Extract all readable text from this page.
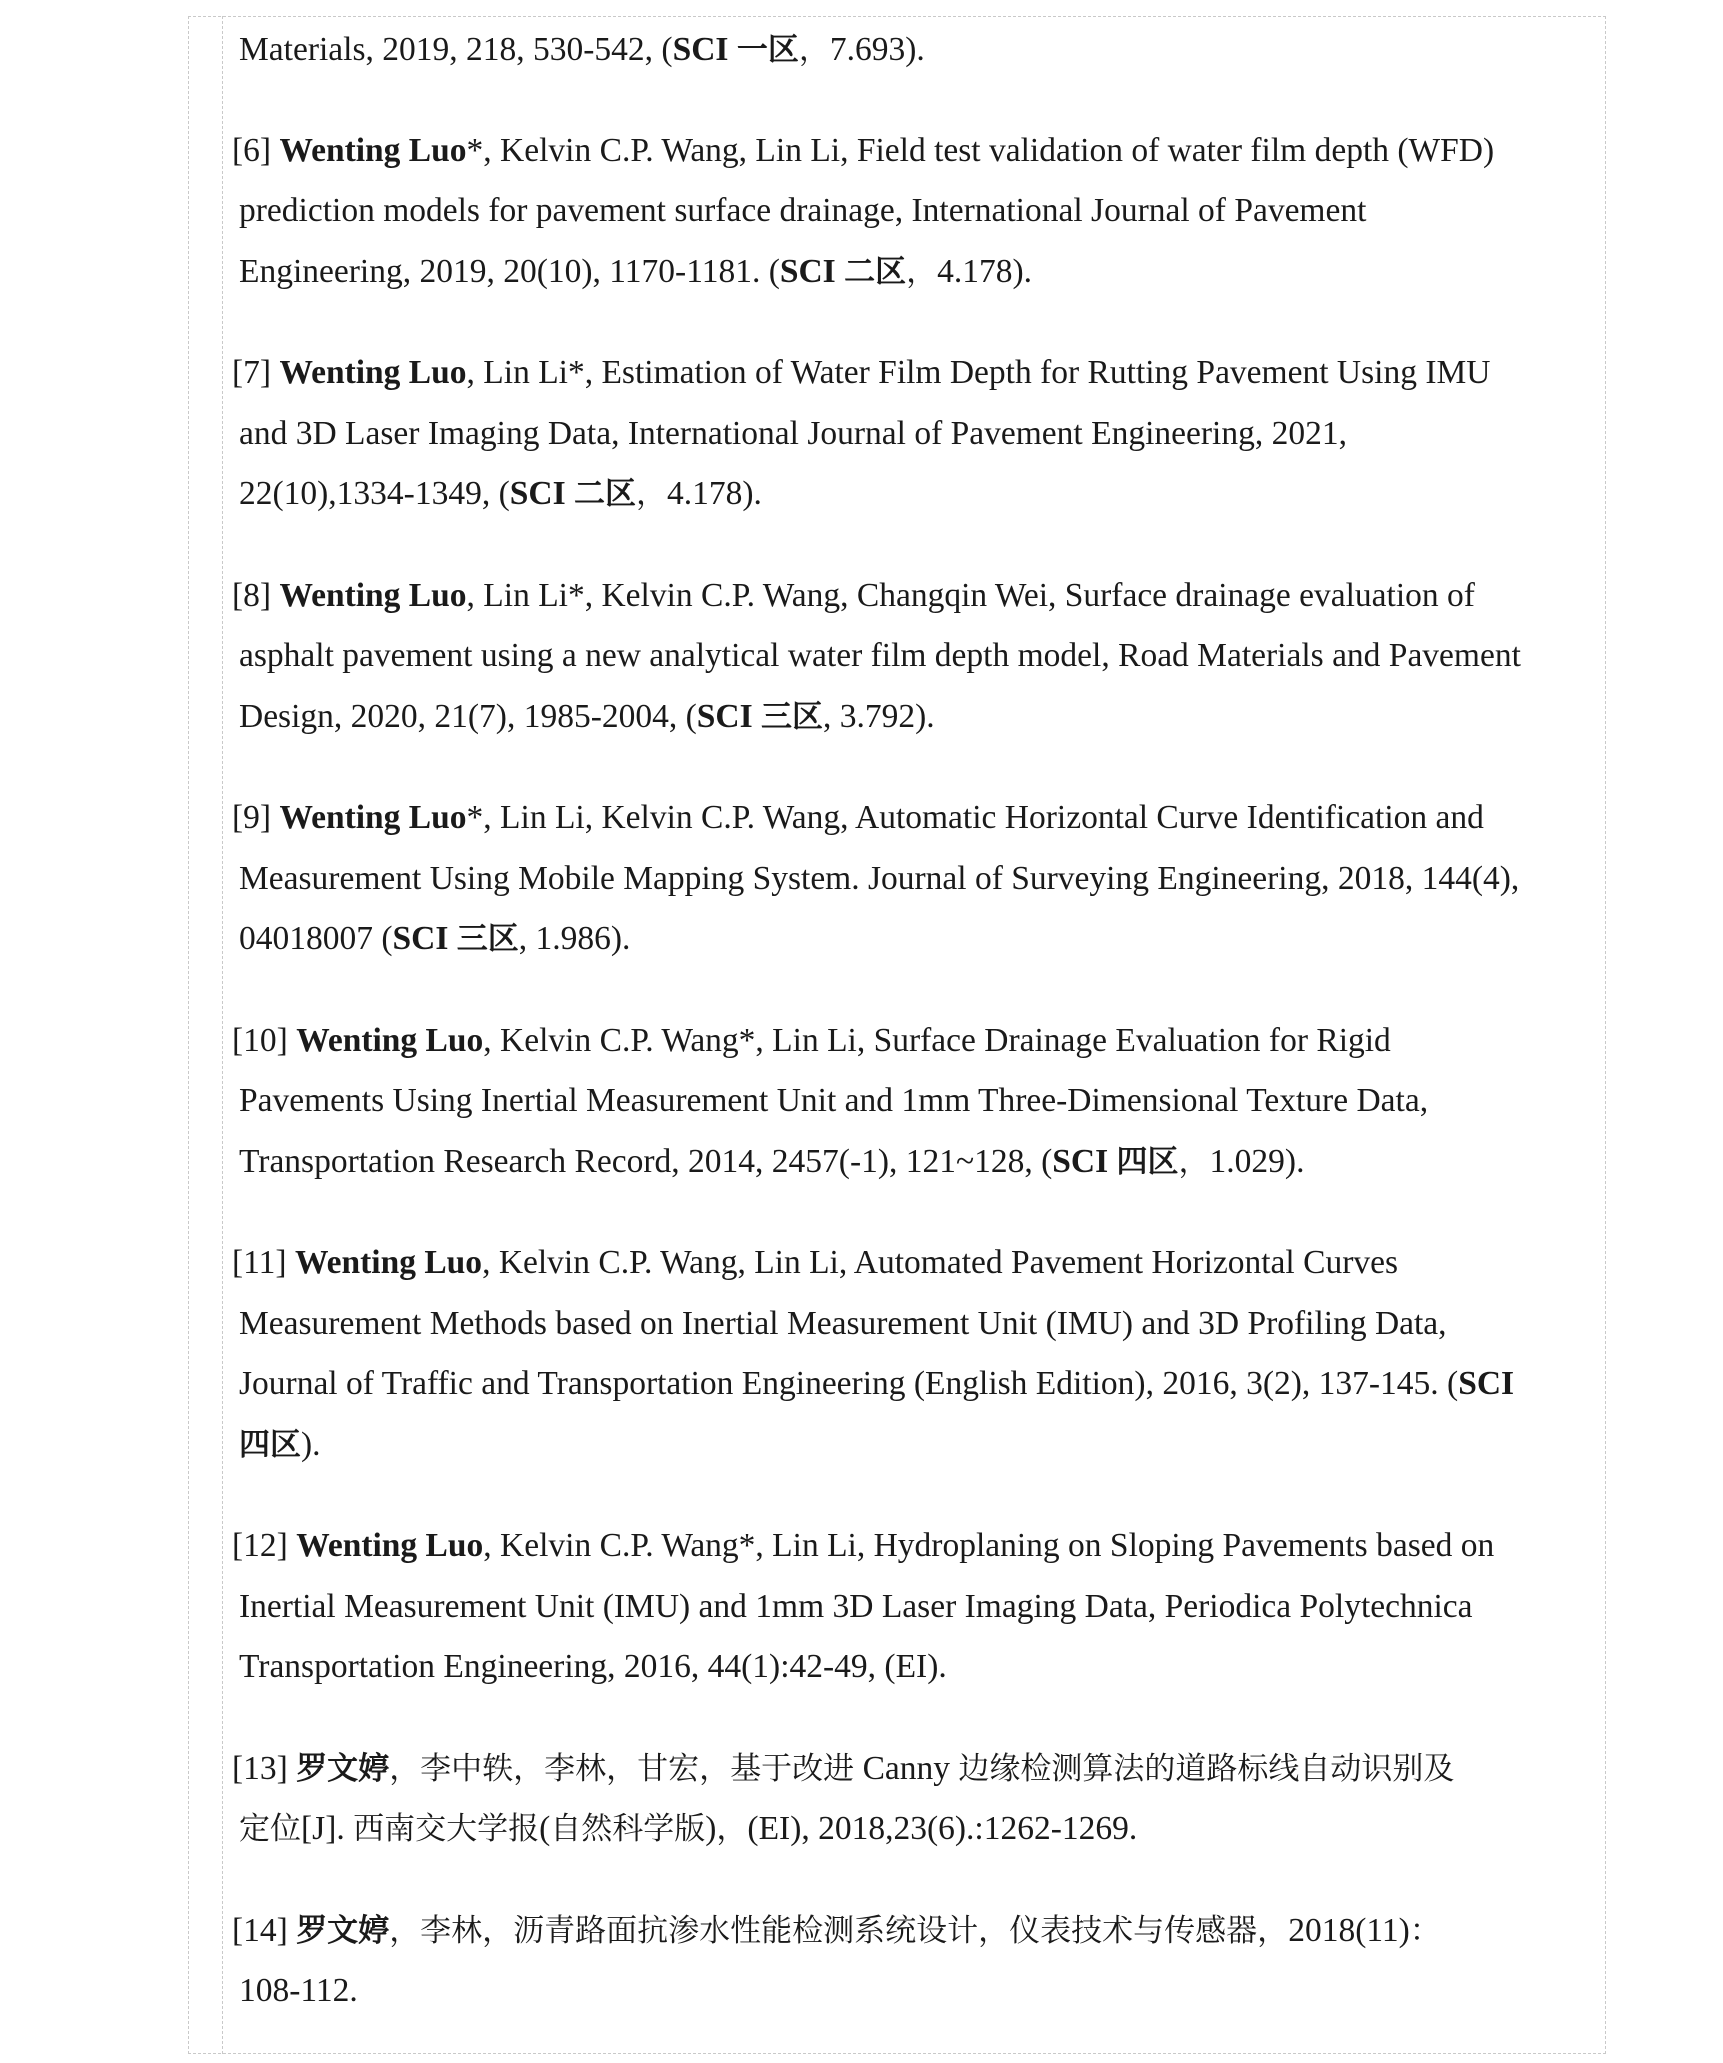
Materials, 2019, 218, 530-542, (SCI 一区，7.693).
[6] Wenting Luo*, Kelvin C.P. Wang, Lin Li, Field test validation of water film depth (WFD)
prediction models for pavement surface drainage, International Journal of Pavement
Engineering, 2019, 20(10), 1170-1181. (SCI 二区，4.178).
[7] Wenting Luo, Lin Li*, Estimation of Water Film Depth for Rutting Pavement Using IMU
and 3D Laser Imaging Data, International Journal of Pavement Engineering, 2021,
22(10),1334-1349, (SCI 二区，4.178).
[8] Wenting Luo, Lin Li*, Kelvin C.P. Wang, Changqin Wei, Surface drainage evaluation of
asphalt pavement using a new analytical water film depth model, Road Materials and Pavement
Design, 2020, 21(7), 1985-2004, (SCI 三区, 3.792).
[9] Wenting Luo*, Lin Li, Kelvin C.P. Wang, Automatic Horizontal Curve Identification and
Measurement Using Mobile Mapping System. Journal of Surveying Engineering, 2018, 144(4),
04018007 (SCI 三区, 1.986).
[10] Wenting Luo, Kelvin C.P. Wang*, Lin Li, Surface Drainage Evaluation for Rigid
Pavements Using Inertial Measurement Unit and 1mm Three-Dimensional Texture Data,
Transportation Research Record, 2014, 2457(-1), 121~128, (SCI 四区，1.029).
[11] Wenting Luo, Kelvin C.P. Wang, Lin Li, Automated Pavement Horizontal Curves
Measurement Methods based on Inertial Measurement Unit (IMU) and 3D Profiling Data,
Journal of Traffic and Transportation Engineering (English Edition), 2016, 3(2), 137-145. (SCI
四区).
[12] Wenting Luo, Kelvin C.P. Wang*, Lin Li, Hydroplaning on Sloping Pavements based on
Inertial Measurement Unit (IMU) and 1mm 3D Laser Imaging Data, Periodica Polytechnica
Transportation Engineering, 2016, 44(1):42-49, (EI).
[13] 罗文婷，李中轶，李林，甘宏，基于改进 Canny 边缘检测算法的道路标线自动识别及
定位[J]. 西南交大学报(自然科学版)，(EI), 2018,23(6).:1262-1269.
[14] 罗文婷，李林，沥青路面抗渗水性能检测系统设计，仪表技术与传感器，2018(11)：
108-112.
